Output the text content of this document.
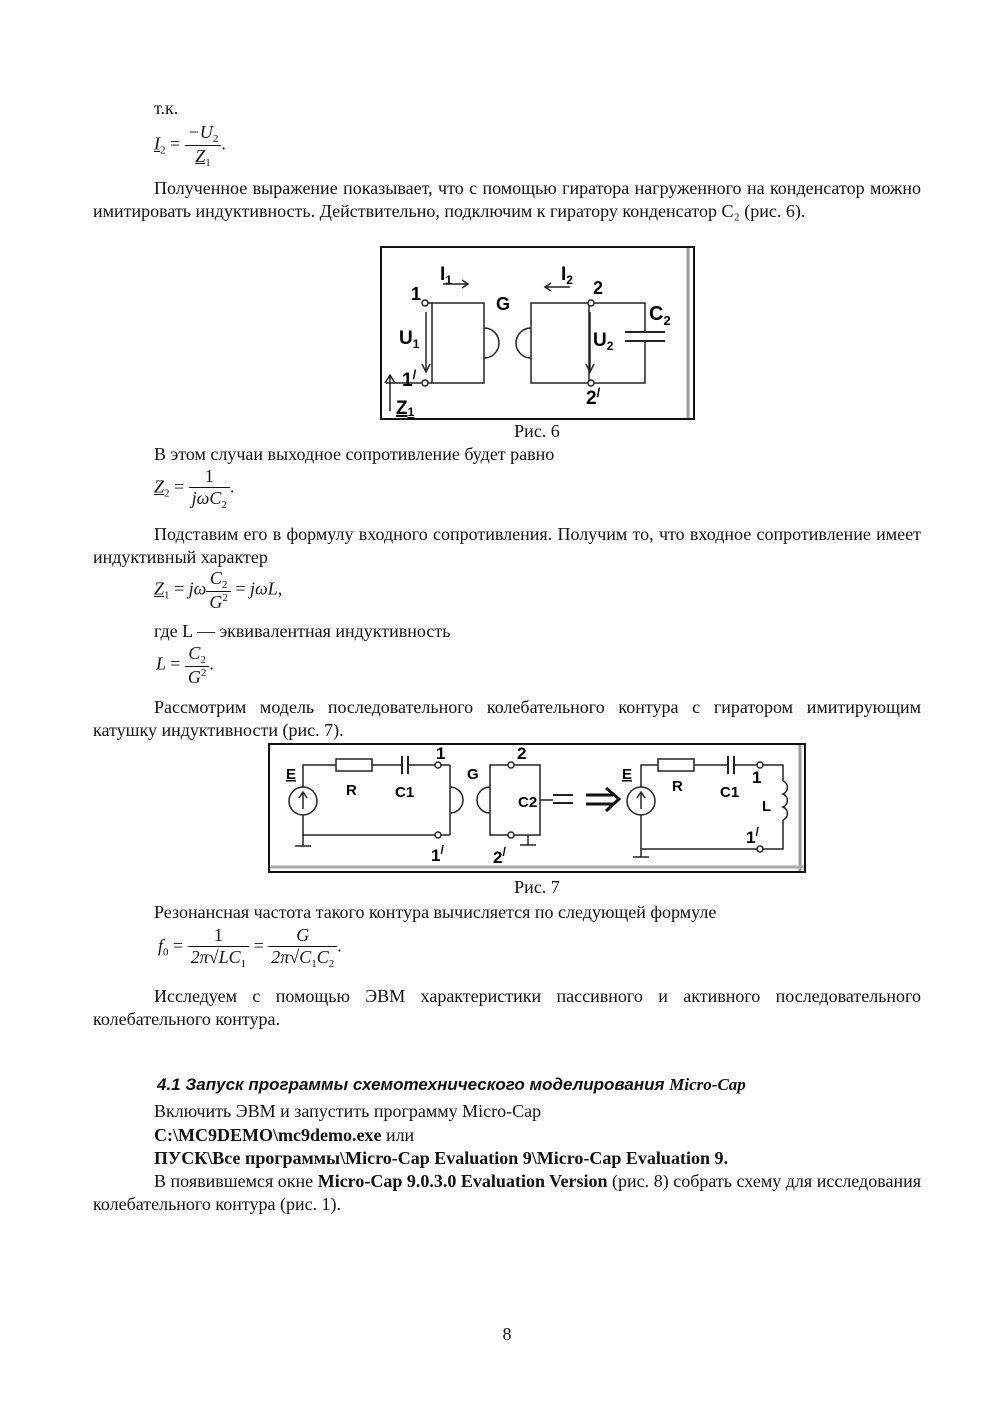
т.к.
$I_2 = \frac{-U_2}{Z_1}$ .
Полученное выражение показывает, что с помощью гиратора нагруженного на конденсатор можно имитировать индуктивность. Действительно, подключим к гиратору конденсатор C₂ (рис. 6).
$I_1$	$I_2$
1	2
G	$C_2$
$U_1$	$U_2$
1/
2/
Z1
Рис. 6
В этом случаи выходное сопротивление будет равно
$Z_2 = \frac{1}{j\omega C_2}$ .
Подставим его в формулу входного сопротивления. Получим то, что входное сопротивление имеет индуктивный характер
$Z_1 = j\omega \frac{C_2}{G^2} = j\omega L$,
где L — эквивалентная индуктивность
$L = \frac{C_2}{G^2}$ .
Рассмотрим модель последовательного колебательного контура с гиратором имитирующим катушку индуктивности (рис. 7).
E
R	C1
1
G
2
C2
1/	2/
E
R C1
1
L
1/
Рис. 7
Резонансная частота такого контура вычисляется по следующей формуле
$f_0 = \frac{1}{2\pi√LC_1} = \frac{G}{2\pi√C_1C_2}$ .
Исследуем с помощью ЭВМ характеристики пассивного и активного последовательного колебательного контура.
4.1 Запуск программы схемотехнического моделирования Micro-Cap
Включить ЭВМ и запустить программу Micro-Cap
C:\MC9DEMO\mc9demo.exe или
ПУСК\Все программы\Micro-Cap Evaluation 9\Micro-Cap Evaluation 9.
В появившемся окне Micro-Cap 9.0.3.0 Evaluation Version (рис. 8) собрать схему для исследования колебательного контура (рис. 1).
8
